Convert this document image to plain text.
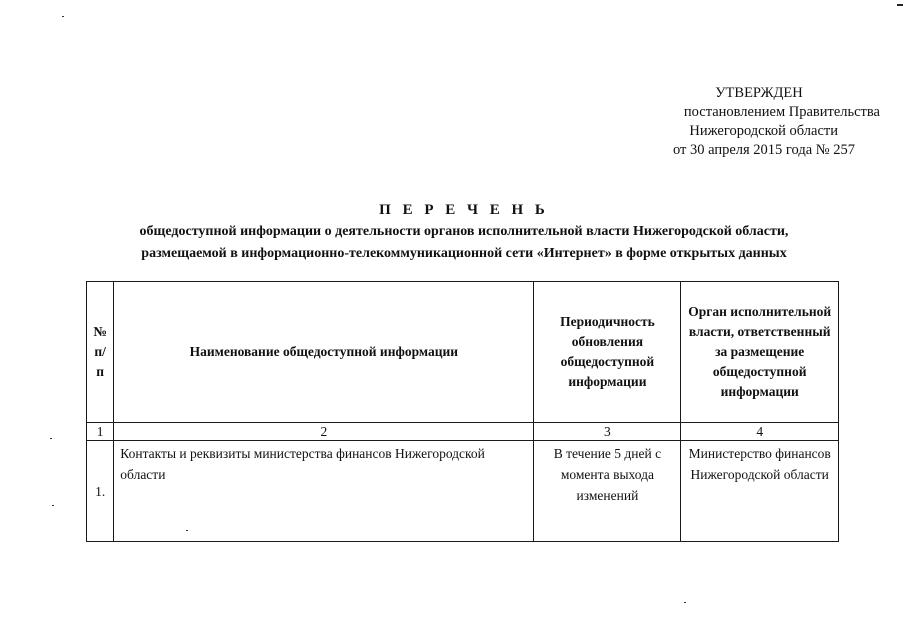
УТВЕРЖДЕН
постановлением Правительства
Нижегородской области
от 30 апреля 2015 года № 257
П Е Р Е Ч Е Н Ь
общедоступной информации о деятельности органов исполнительной власти Нижегородской области,
размещаемой в информационно-телекоммуникационной сети «Интернет» в форме открытых данных
№ п/п	Наименование общедоступной информации	Периодичность обновления общедоступной информации	Орган исполнительной власти, ответственный за размещение общедоступной информации
1	2	3	4
1.	Контакты и реквизиты министерства финансов Нижегородской области	В течение 5 дней с момента выхода изменений	Министерство финансов Нижегородской области
